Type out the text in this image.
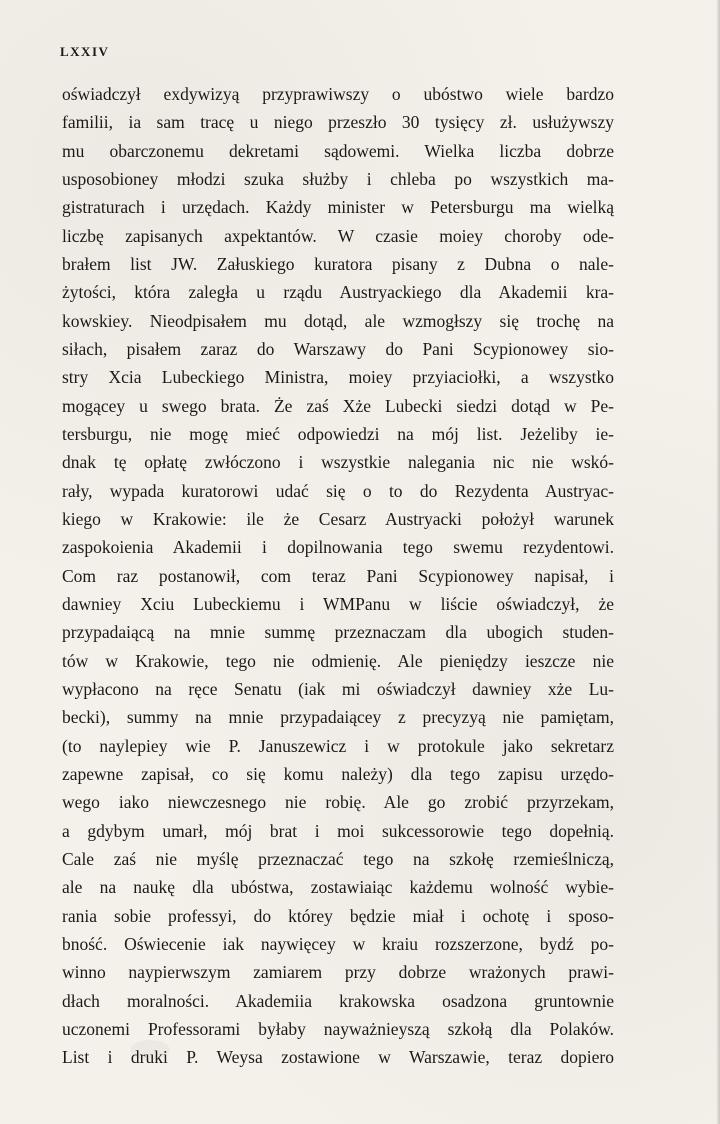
LXXIV
oświadczył exdywizyą przyprawiwszy o ubóstwo wiele bardzo
familii, ia sam tracę u niego przeszło 30 tysięcy zł. usłużywszy
mu obarczonemu dekretami sądowemi. Wielka liczba dobrze
usposobioney młodzi szuka służby i chleba po wszystkich ma-
gistraturach i urzędach. Każdy minister w Petersburgu ma wielką
liczbę zapisanych axpektantów. W czasie moiey choroby ode-
brałem list JW. Załuskiego kuratora pisany z Dubna o nale-
żytości, która zaległa u rządu Austryackiego dla Akademii kra-
kowskiey. Nieodpisałem mu dotąd, ale wzmogłszy się trochę na
siłach, pisałem zaraz do Warszawy do Pani Scypionowey sio-
stry Xcia Lubeckiego Ministra, moiey przyiaciołki, a wszystko
mogącey u swego brata. Że zaś Xże Lubecki siedzi dotąd w Pe-
tersburgu, nie mogę mieć odpowiedzi na mój list. Jeżeliby ie-
dnak tę opłatę zwłóczono i wszystkie nalegania nic nie wskó-
rały, wypada kuratorowi udać się o to do Rezydenta Austryac-
kiego w Krakowie: ile że Cesarz Austryacki położył warunek
zaspokoienia Akademii i dopilnowania tego swemu rezydentowi.
Com raz postanowił, com teraz Pani Scypionowey napisał, i
dawniey Xciu Lubeckiemu i WMPanu w liście oświadczył, że
przypadaiącą na mnie summę przeznaczam dla ubogich studen-
tów w Krakowie, tego nie odmienię. Ale pieniędzy ieszcze nie
wypłacono na ręce Senatu (iak mi oświadczył dawniey xże Lu-
becki), summy na mnie przypadaiącey z precyzyą nie pamiętam,
(to naylepiey wie P. Januszewicz i w protokule jako sekretarz
zapewne zapisał, co się komu należy) dla tego zapisu urzędo-
wego iako niewczesnego nie robię. Ale go zrobić przyrzekam,
a gdybym umarł, mój brat i moi sukcessorowie tego dopełnią.
Cale zaś nie myślę przeznaczać tego na szkołę rzemieślniczą,
ale na naukę dla ubóstwa, zostawiaiąc każdemu wolność wybie-
rania sobie professyi, do którey będzie miał i ochotę i sposo-
bność. Oświecenie iak naywięcey w kraiu rozszerzone, bydź po-
winno naypierwszym zamiarem przy dobrze wrażonych prawi-
dłach moralności. Akademiia krakowska osadzona gruntownie
uczonemi Professorami byłaby nayważnieyszą szkołą dla Polaków.
List i druki P. Weysa zostawione w Warszawie, teraz dopiero
